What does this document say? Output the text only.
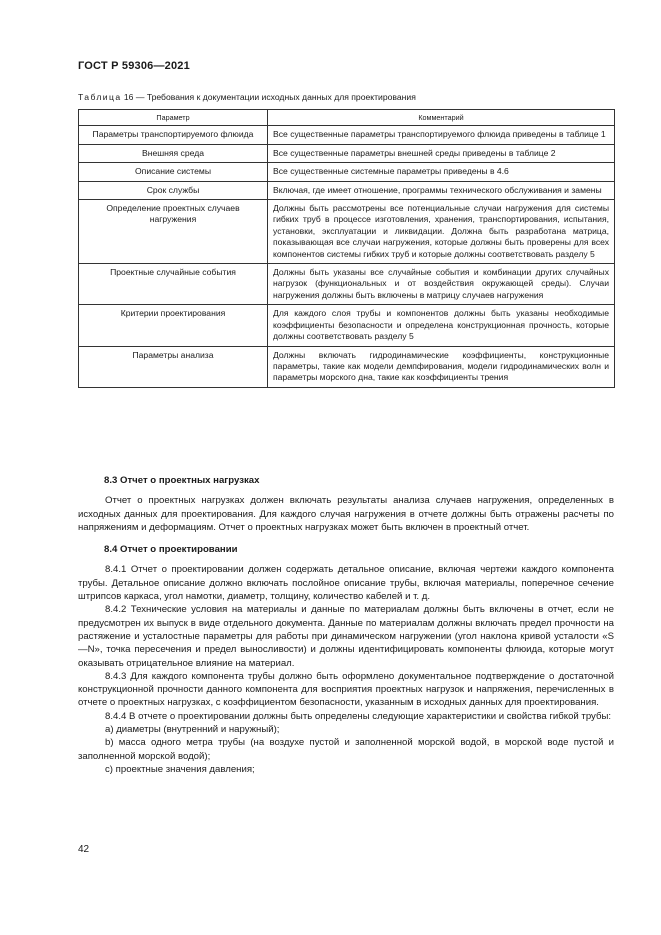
ГОСТ Р 59306—2021
Таблица 16 — Требования к документации исходных данных для проектирования
Параметр	Комментарий
Параметры транспортируемого флюида	Все существенные параметры транспортируемого флюида приведены в таблице 1
Внешняя среда	Все существенные параметры внешней среды приведены в таблице 2
Описание системы	Все существенные системные параметры приведены в 4.6
Срок службы	Включая, где имеет отношение, программы технического обслуживания и замены
Определение проектных случаев нагружения	Должны быть рассмотрены все потенциальные случаи нагружения для системы гибких труб в процессе изготовления, хранения, транспортирования, испытания, установки, эксплуатации и ликвидации. Должна быть разработана матрица, показывающая все случаи нагружения, которые должны быть проверены для всех компонентов системы гибких труб и которые должны соответствовать разделу 5
Проектные случайные события	Должны быть указаны все случайные события и комбинации других случайных нагрузок (функциональных и от воздействия окружающей среды). Случаи нагружения должны быть включены в матрицу случаев нагружения
Критерии проектирования	Для каждого слоя трубы и компонентов должны быть указаны необходимые коэффициенты безопасности и определена конструкционная прочность, которые должны соответствовать разделу 5
Параметры анализа	Должны включать гидродинамические коэффициенты, конструкционные параметры, такие как модели демпфирования, модели гидродинамических волн и параметры морского дна, такие как коэффициенты трения
8.3 Отчет о проектных нагрузках

Отчет о проектных нагрузках должен включать результаты анализа случаев нагружения, определенных в исходных данных для проектирования. Для каждого случая нагружения в отчете должны быть отражены расчеты по напряжениям и деформациям. Отчет о проектных нагрузках может быть включен в проектный отчет.

8.4 Отчет о проектировании

8.4.1 Отчет о проектировании должен содержать детальное описание, включая чертежи каждого компонента трубы. Детальное описание должно включать послойное описание трубы, включая материалы, поперечное сечение штрипсов каркаса, угол намотки, диаметр, толщину, количество кабелей и т. д.

8.4.2 Технические условия на материалы и данные по материалам должны быть включены в отчет, если не предусмотрен их выпуск в виде отдельного документа. Данные по материалам должны включать предел прочности на растяжение и усталостные параметры для работы при динамическом нагружении (угол наклона кривой усталости «S—N», точка пересечения и предел выносливости) и должны идентифицировать компоненты флюида, которые могут оказывать отрицательное влияние на материал.

8.4.3 Для каждого компонента трубы должно быть оформлено документальное подтверждение о достаточной конструкционной прочности данного компонента для восприятия проектных нагрузок и напряжения, перечисленных в отчете о проектных нагрузках, с коэффициентом безопасности, указанным в исходных данных для проектирования.

8.4.4 В отчете о проектировании должны быть определены следующие характеристики и свойства гибкой трубы:

a) диаметры (внутренний и наружный);

b) масса одного метра трубы (на воздухе пустой и заполненной морской водой, в морской воде пустой и заполненной морской водой);

c) проектные значения давления;

42
